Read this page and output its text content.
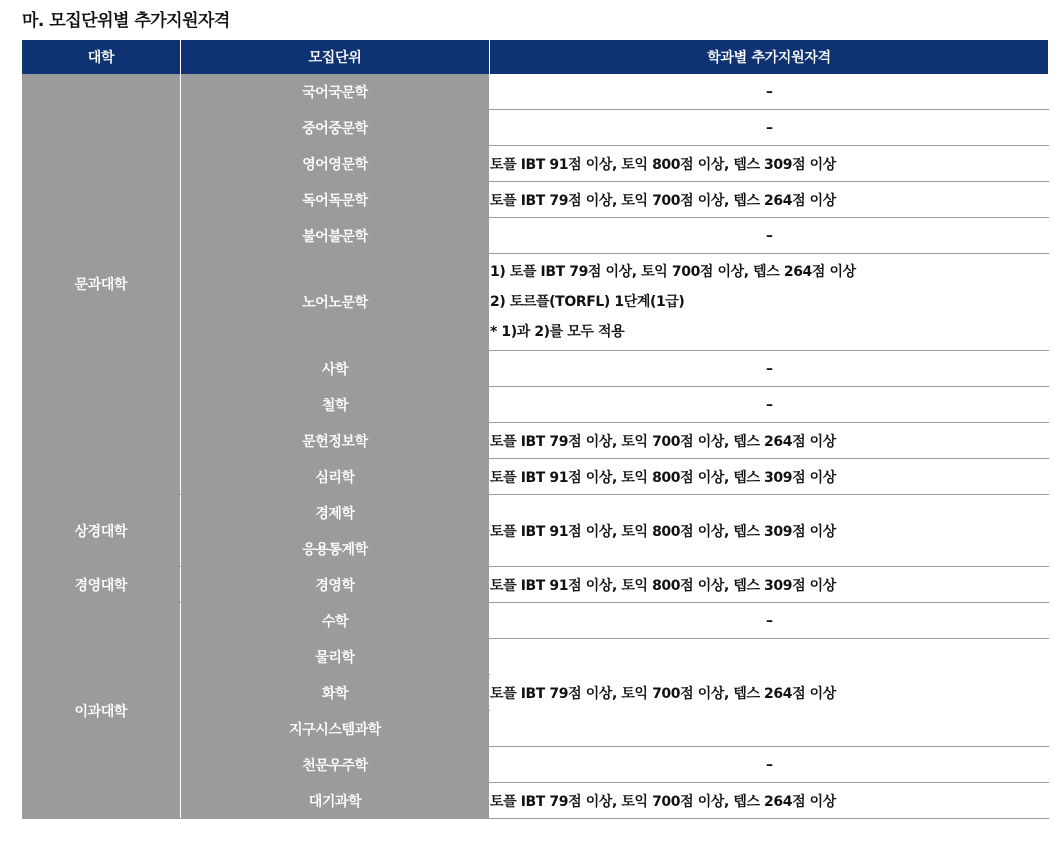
마. 모집단위별 추가지원자격
대학	모집단위	학과별 추가지원자격
문과대학	국어국문학	–
	중어중문학	–
	영어영문학	토플 IBT 91점 이상, 토익 800점 이상, 텝스 309점 이상
	독어독문학	토플 IBT 79점 이상, 토익 700점 이상, 텝스 264점 이상
	불어불문학	–
	노어노문학	1) 토플 IBT 79점 이상, 토익 700점 이상, 텝스 264점 이상
2) 토르플(TORFL) 1단계(1급)
* 1)과 2)를 모두 적용

	사학	–
	철학	–
	문헌정보학	토플 IBT 79점 이상, 토익 700점 이상, 텝스 264점 이상
	심리학	토플 IBT 91점 이상, 토익 800점 이상, 텝스 309점 이상
상경대학	경제학	토플 IBT 91점 이상, 토익 800점 이상, 텝스 309점 이상
	응용통계학	
경영대학	경영학	토플 IBT 91점 이상, 토익 800점 이상, 텝스 309점 이상
이과대학	수학	–
	물리학	토플 IBT 79점 이상, 토익 700점 이상, 텝스 264점 이상
	화학	
	지구시스템과학	
	천문우주학	–
	대기과학	토플 IBT 79점 이상, 토익 700점 이상, 텝스 264점 이상
